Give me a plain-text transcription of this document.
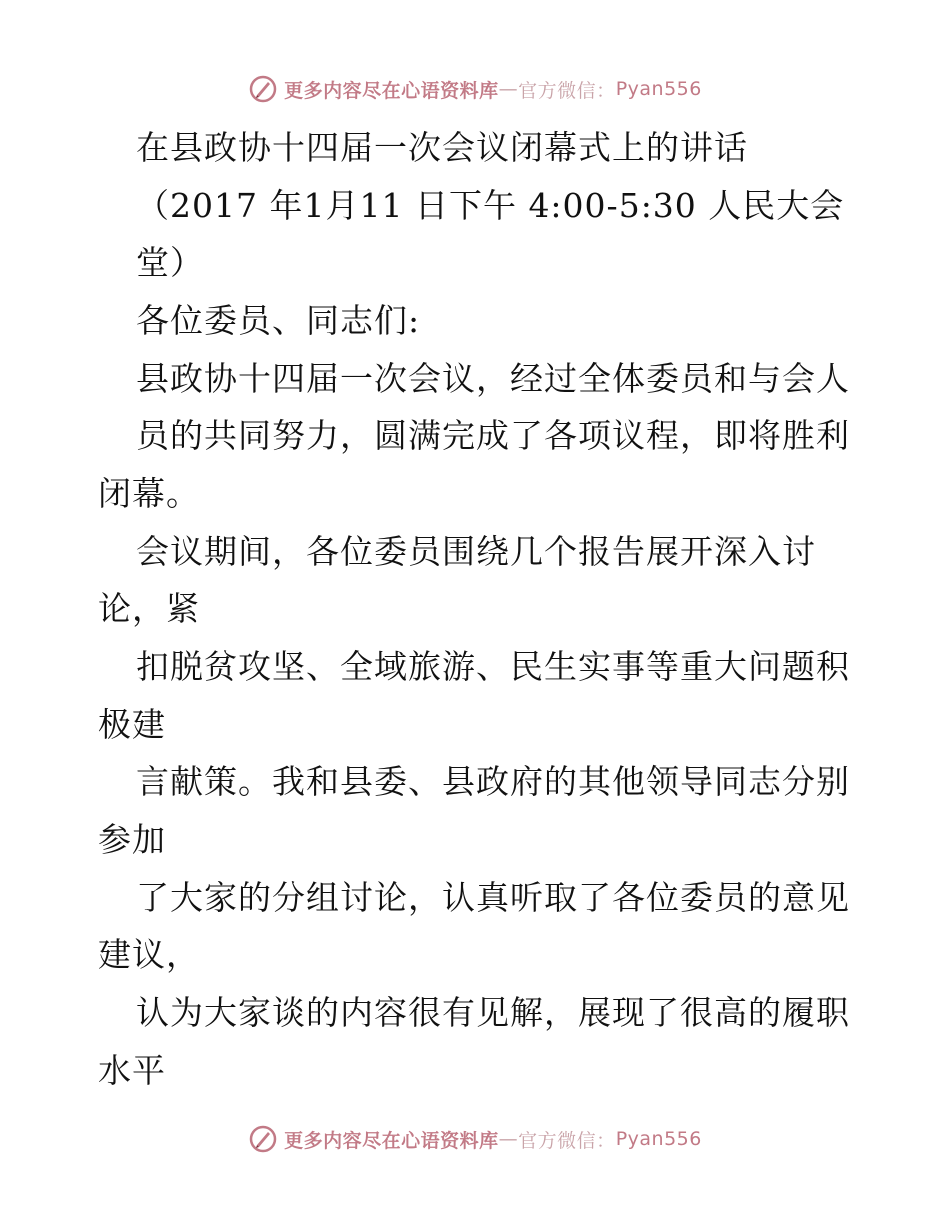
更多内容尽在心语资料库 — 官方微信： Pyan556
在县政协十四届一次会议闭幕式上的讲话
（2017 年1月11 日下午 4:00-5:30 人民大会
堂）
各位委员、同志们:
县政协十四届一次会议，经过全体委员和与会人
员的共同努力，圆满完成了各项议程，即将胜利
闭幕。
会议期间，各位委员围绕几个报告展开深入讨
论，紧
扣脱贫攻坚、全域旅游、民生实事等重大问题积
极建
言献策。我和县委、县政府的其他领导同志分别
参加
了大家的分组讨论，认真听取了各位委员的意见
建议，
认为大家谈的内容很有见解，展现了很高的履职
水平
更多内容尽在心语资料库 — 官方微信： Pyan556
